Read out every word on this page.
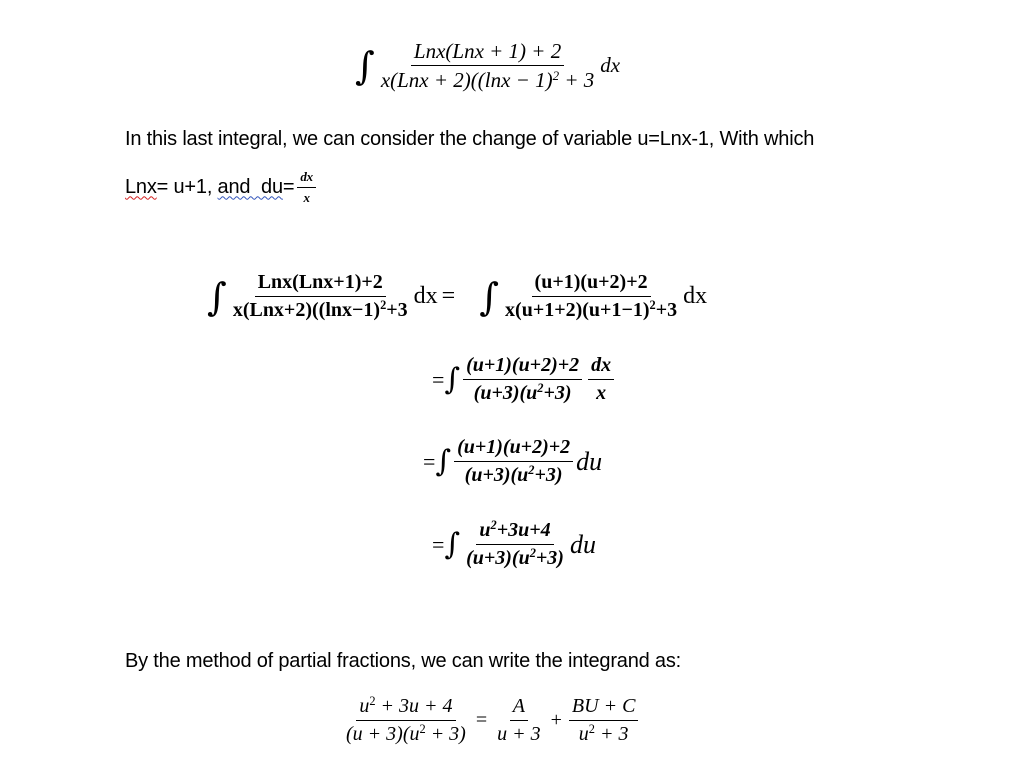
∫ $\frac{\text{Lnx(Lnx + 1) + 2}}{x(Lnx + 2)((\ln x - 1)^2 + 3}$ dx
In this last integral, we can consider the change of variable u=Lnx-1, With which
Lnx = u+1, and  du = $\frac{dx}{x}$
∫ $\frac{\text{Lnx(Lnx+1)+2}}{x(Lnx+2)((\ln x-1)^2+3}$ dx = ∫ $\frac{(u+1)(u+2)+2}{x(u+1+2)(u+1-1)^2+3}$ dx
= ∫ $\frac{(u+1)(u+2)+2}{(u+3)(u^2+3)} \frac{dx}{x}$
= ∫ $\frac{(u+1)(u+2)+2}{(u+3)(u^2+3)}$ du
= ∫ $\frac{u^2+3u+4}{(u+3)(u^2+3)}$ du
By the method of partial fractions, we can write the integrand as:
$\frac{u^2 + 3u + 4}{(u + 3)(u^2 + 3)} = \frac{A}{u + 3} + \frac{BU + C}{u^2 + 3}$
